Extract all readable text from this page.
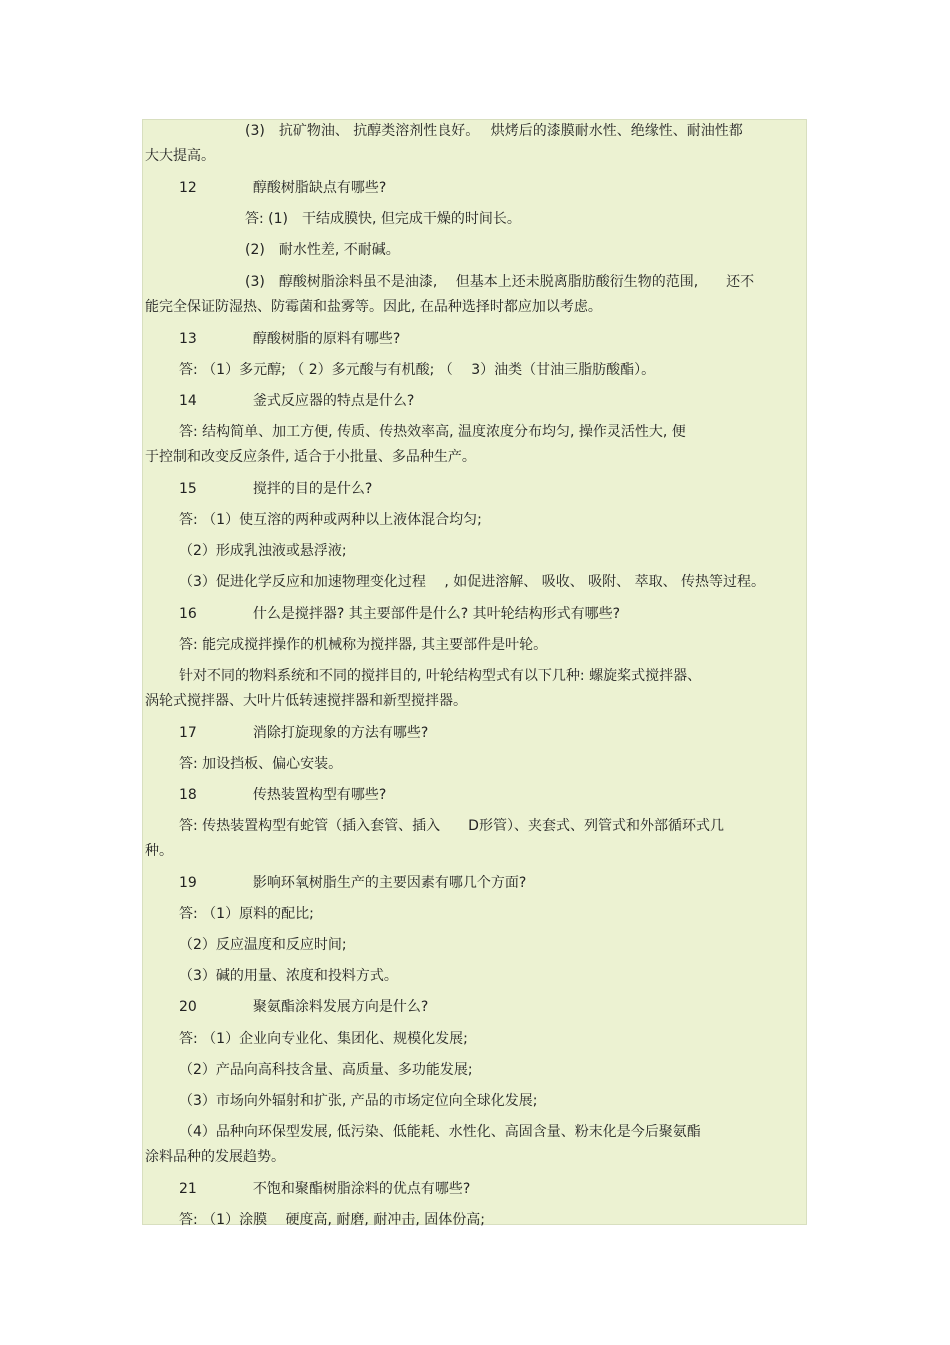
(3)　抗矿物油、 抗醇类溶剂性良好。　 烘烤后的漆膜耐水性、绝缘性、耐油性都
大大提高。
12　　　　醇酸树脂缺点有哪些?
答: (1)　干结成膜快, 但完成干燥的时间长。
(2)　耐水性差, 不耐碱。
(3)　醇酸树脂涂料虽不是油漆,　 但基本上还未脱离脂肪酸衍生物的范围,　　还不
能完全保证防湿热、防霉菌和盐雾等。因此, 在品种选择时都应加以考虑。
13　　　　醇酸树脂的原料有哪些?
答: （1）多元醇; （ 2）多元酸与有机酸; （　 3）油类（甘油三脂肪酸酯）。
14　　　　釜式反应器的特点是什么?
答: 结构简单、加工方便, 传质、传热效率高, 温度浓度分布均匀, 操作灵活性大, 便
于控制和改变反应条件, 适合于小批量、多品种生产。
15　　　　搅拌的目的是什么?
答: （1）使互溶的两种或两种以上液体混合均匀;
（2）形成乳浊液或悬浮液;
（3）促进化学反应和加速物理变化过程　 , 如促进溶解、 吸收、 吸附、 萃取、 传热等过程。
16　　　　什么是搅拌器? 其主要部件是什么? 其叶轮结构形式有哪些?
答: 能完成搅拌操作的机械称为搅拌器, 其主要部件是叶轮。
针对不同的物料系统和不同的搅拌目的, 叶轮结构型式有以下几种: 螺旋桨式搅拌器、
涡轮式搅拌器、大叶片低转速搅拌器和新型搅拌器。
17　　　　消除打旋现象的方法有哪些?
答: 加设挡板、偏心安装。
18　　　　传热装置构型有哪些?
答: 传热装置构型有蛇管（插入套管、插入　　D形管）、夹套式、列管式和外部循环式几
种。
19　　　　影响环氧树脂生产的主要因素有哪几个方面?
答: （1）原料的配比;
（2）反应温度和反应时间;
（3）碱的用量、浓度和投料方式。
20　　　　聚氨酯涂料发展方向是什么?
答: （1）企业向专业化、集团化、规模化发展;
（2）产品向高科技含量、高质量、多功能发展;
（3）市场向外辐射和扩张, 产品的市场定位向全球化发展;
（4）品种向环保型发展, 低污染、低能耗、水性化、高固含量、粉末化是今后聚氨酯
涂料品种的发展趋势。
21　　　　不饱和聚酯树脂涂料的优点有哪些?
答: （1）涂膜　 硬度高, 耐磨, 耐冲击, 固体份高;
